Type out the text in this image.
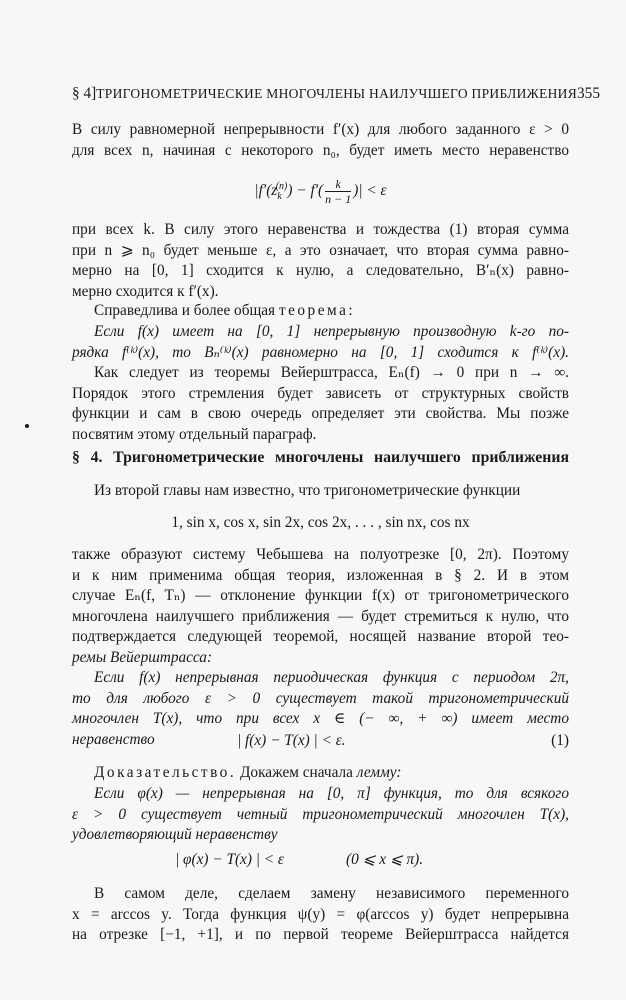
§ 4] ТРИГОНОМЕТРИЧЕСКИЕ МНОГОЧЛЕНЫ НАИЛУЧШЕГО ПРИБЛИЖЕНИЯ 355
В силу равномерной непрерывности f′(x) для любого заданного ε > 0
для всех n, начиная с некоторого n₀, будет иметь место неравенство
$|f'(z_k^{(n)}) - f'( \frac{k}{n - 1}$ )| < ε
при всех k. В силу этого неравенства и тождества (1) вторая сумма
при n ⩾ n₀ будет меньше ε, а это означает, что вторая сумма равно-
мерно на [0, 1] сходится к нулю, а следовательно, B′ₙ(x) равно-
мерно сходится к f′(x).
Справедлива и более общая теорема:
Если f(x) имеет на [0, 1] непрерывную производную k-го по-
рядка f⁽ᵏ⁾(x), то Bₙ⁽ᵏ⁾(x) равномерно на [0, 1] сходится к f⁽ᵏ⁾(x).
Как следует из теоремы Вейерштрасса, Eₙ(f) → 0 при n → ∞.
Порядок этого стремления будет зависеть от структурных свойств
функции и сам в свою очередь определяет эти свойства. Мы позже
посвятим этому отдельный параграф.
§ 4. Тригонометрические многочлены наилучшего приближения
Из второй главы нам известно, что тригонометрические функции
1, sin x, cos x, sin 2x, cos 2x, . . . , sin nx, cos nx
также образуют систему Чебышева на полуотрезке [0, 2π). Поэтому
и к ним применима общая теория, изложенная в § 2. И в этом
случае Eₙ(f, Tₙ) — отклонение функции f(x) от тригонометрического
многочлена наилучшего приближения — будет стремиться к нулю, что
подтверждается следующей теоремой, носящей название второй тео-
ремы Вейерштрасса:
Если f(x) непрерывная периодическая функция с периодом 2π,
то для любого ε > 0 существует такой тригонометрический
многочлен T(x), что при всех x ∈ (− ∞, + ∞) имеет место
неравенство	| f(x) − T(x) | < ε.	(1)
Доказательство. Докажем сначала лемму:
Если φ(x) — непрерывная на [0, π] функция, то для всякого
ε > 0 существует четный тригонометрический многочлен T(x),
удовлетворяющий неравенству
| φ(x) − T(x) | < ε	(0 ⩽ x ⩽ π).
В самом деле, сделаем замену независимого переменного
x = arccos y. Тогда функция ψ(y) = φ(arccos y) будет непрерывна
на отрезке [−1, +1], и по первой теореме Вейерштрасса найдется
